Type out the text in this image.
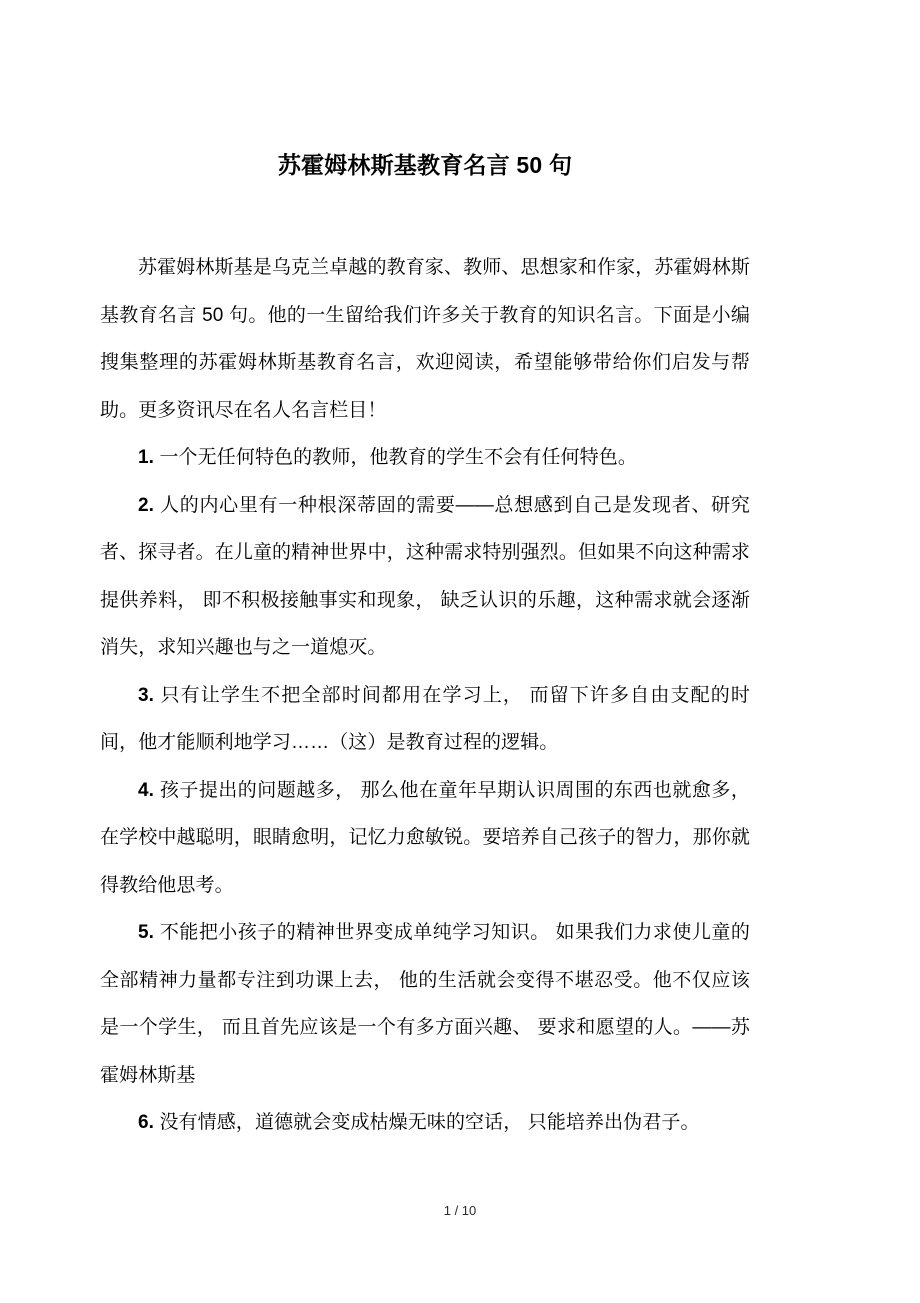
苏霍姆林斯基教育名言 50 句

苏霍姆林斯基是乌克兰卓越的教育家、教师、思想家和作家，苏霍姆林斯基教育名言 50 句。他的一生留给我们许多关于教育的知识名言。下面是小编搜集整理的苏霍姆林斯基教育名言，欢迎阅读，希望能够带给你们启发与帮助。更多资讯尽在名人名言栏目！

1. 一个无任何特色的教师，他教育的学生不会有任何特色。

2. 人的内心里有一种根深蒂固的需要——总想感到自己是发现者、研究者、探寻者。在儿童的精神世界中，这种需求特别强烈。但如果不向这种需求提供养料， 即不积极接触事实和现象， 缺乏认识的乐趣，这种需求就会逐渐消失，求知兴趣也与之一道熄灭。

3. 只有让学生不把全部时间都用在学习上， 而留下许多自由支配的时间，他才能顺利地学习……（这）是教育过程的逻辑。

4. 孩子提出的问题越多， 那么他在童年早期认识周围的东西也就愈多，在学校中越聪明，眼睛愈明，记忆力愈敏锐。要培养自己孩子的智力，那你就得教给他思考。

5. 不能把小孩子的精神世界变成单纯学习知识。 如果我们力求使儿童的全部精神力量都专注到功课上去， 他的生活就会变得不堪忍受。他不仅应该是一个学生， 而且首先应该是一个有多方面兴趣、 要求和愿望的人。——苏霍姆林斯基

6. 没有情感，道德就会变成枯燥无味的空话， 只能培养出伪君子。

1 / 10
